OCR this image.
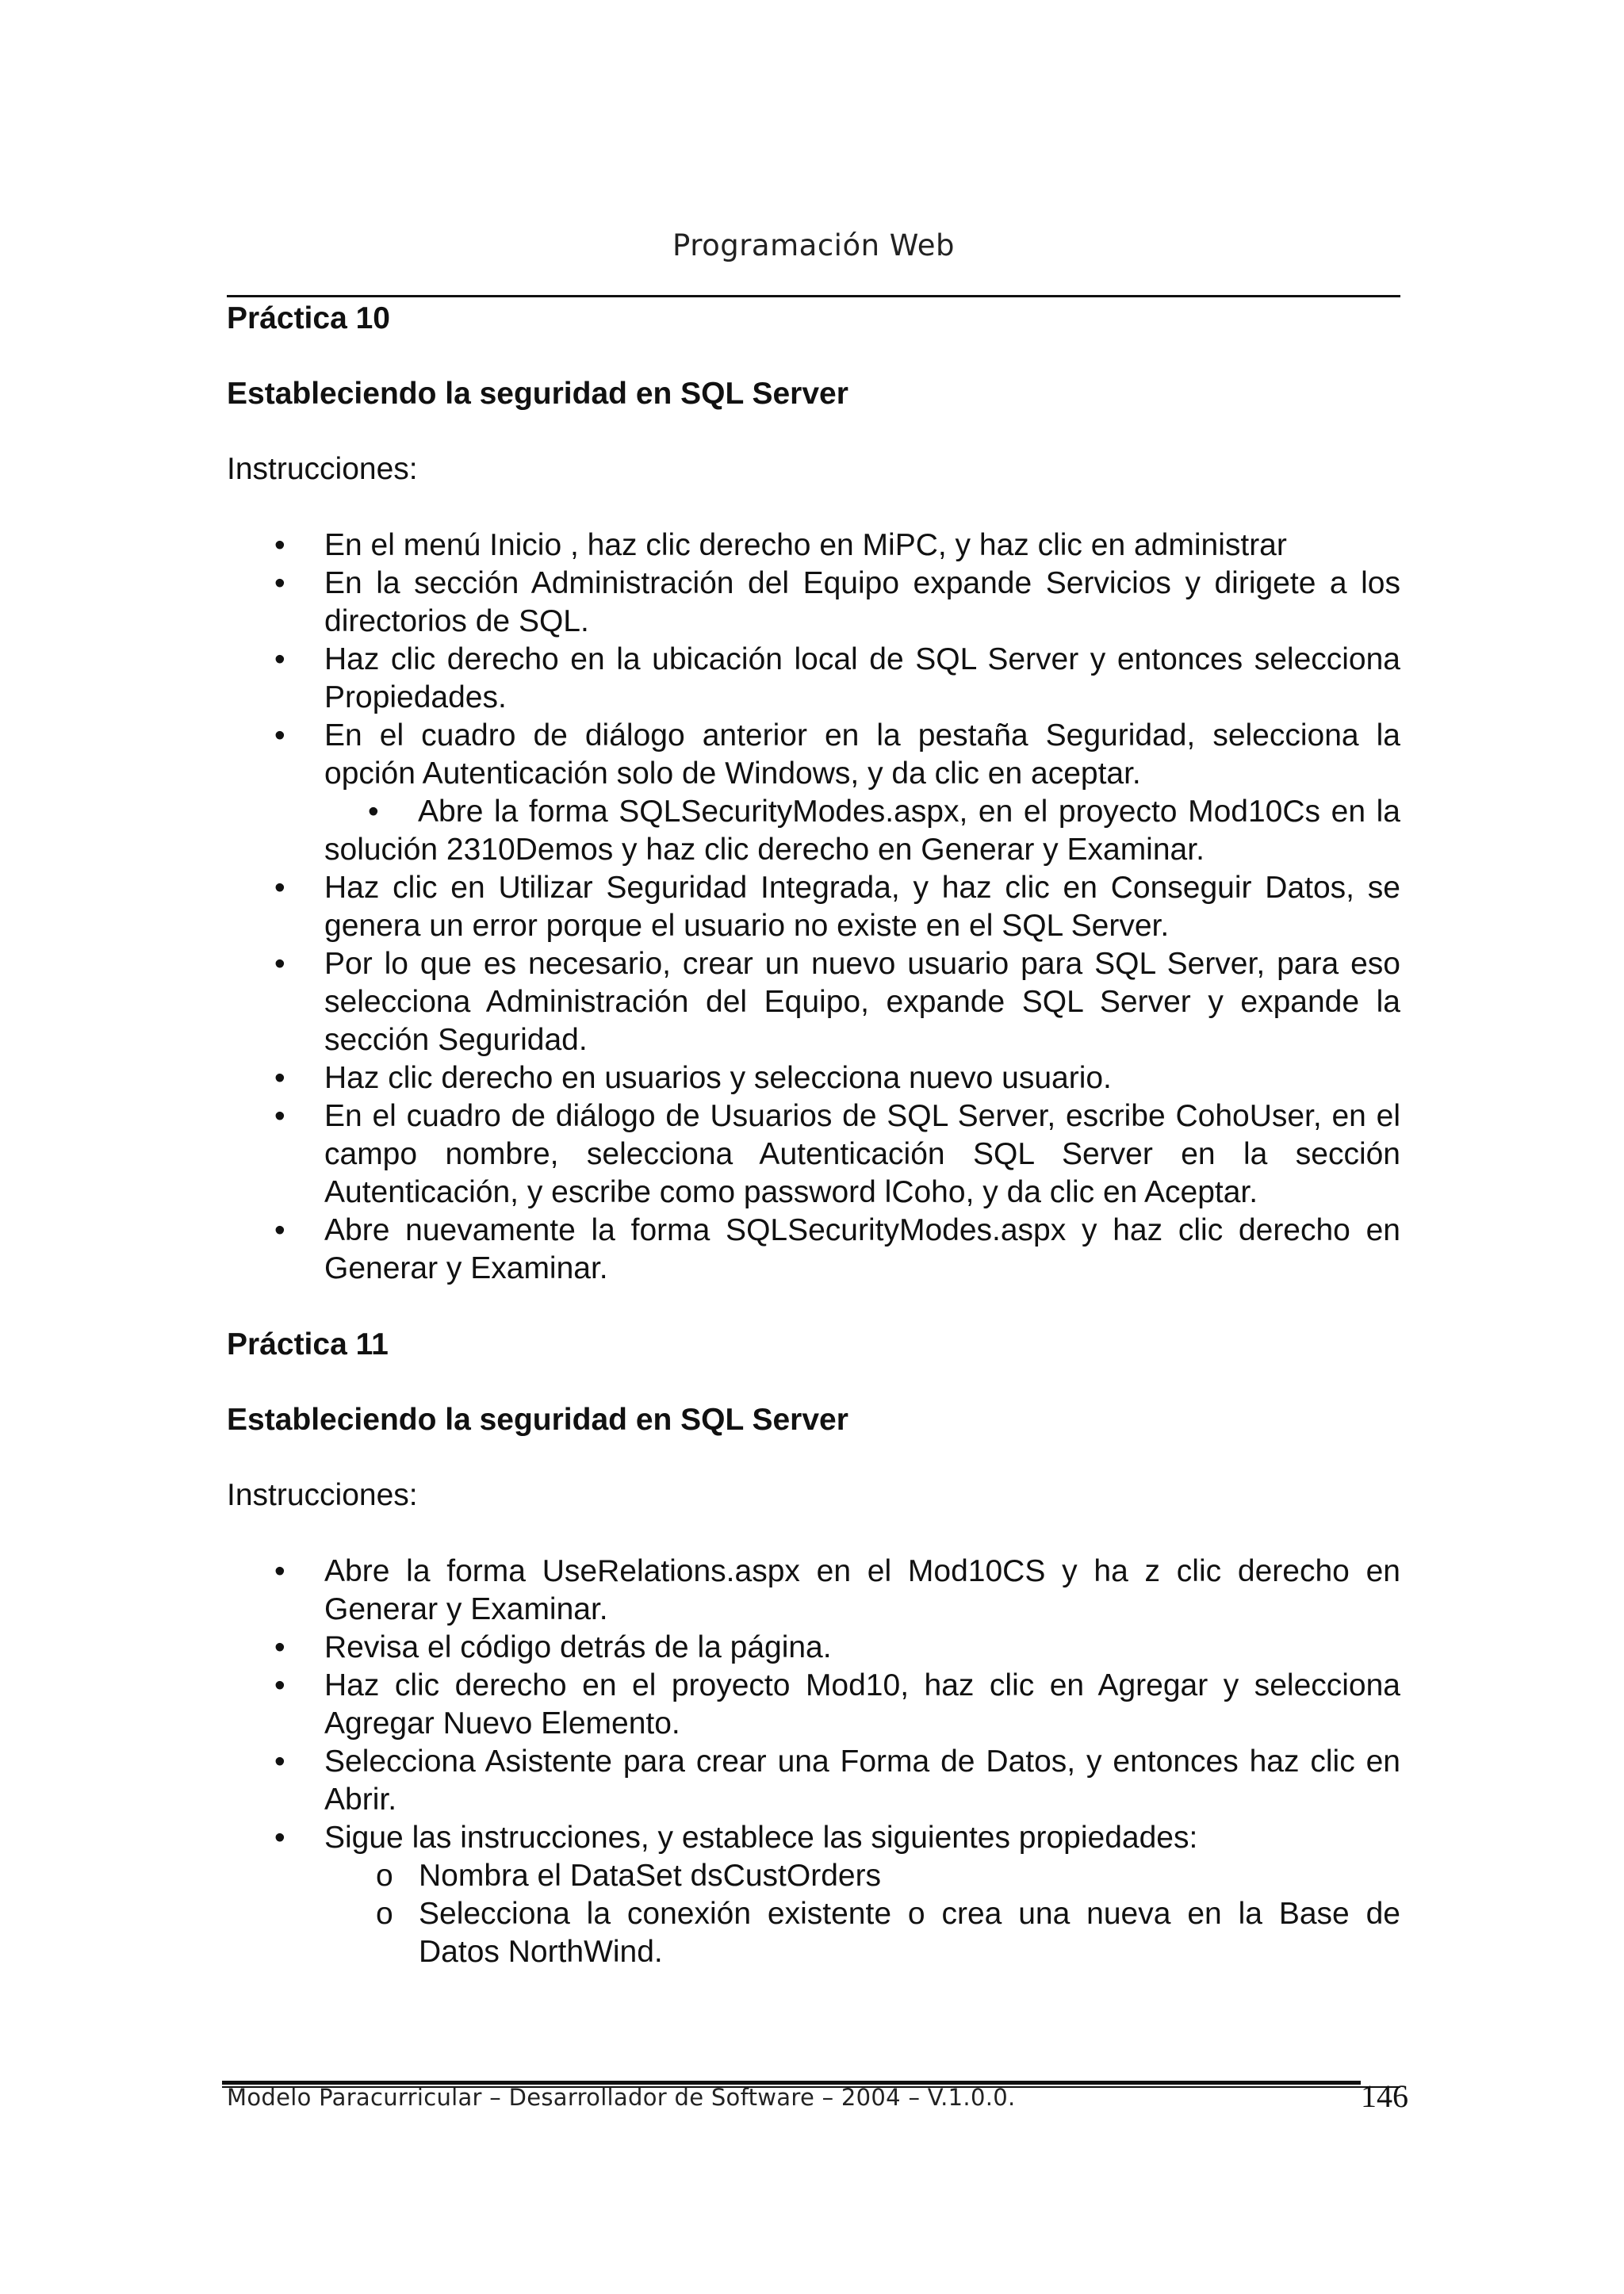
Programación Web

Práctica 10

Estableciendo la seguridad en SQL Server

Instrucciones:

• En el menú Inicio , haz clic derecho en MiPC, y haz clic en administrar
• En la sección Administración del Equipo expande Servicios y dirigete a los directorios de SQL.
• Haz clic derecho en la ubicación local de SQL Server y entonces selecciona Propiedades.
• En el cuadro de diálogo anterior en la pestaña Seguridad, selecciona la opción Autenticación solo de Windows, y da clic en aceptar.
• Abre la forma SQLSecurityModes.aspx, en el proyecto Mod10Cs en la solución 2310Demos y haz clic derecho en Generar y Examinar.
• Haz clic en Utilizar Seguridad Integrada, y haz clic en Conseguir Datos, se genera un error porque el usuario no existe en el SQL Server.
• Por lo que es necesario, crear un nuevo usuario para SQL Server, para eso selecciona Administración del Equipo, expande SQL Server y expande la sección Seguridad.
• Haz clic derecho en usuarios y selecciona nuevo usuario.
• En el cuadro de diálogo de Usuarios de SQL Server, escribe CohoUser, en el campo nombre, selecciona Autenticación SQL Server en la sección Autenticación, y escribe como password lCoho, y da clic en Aceptar.
• Abre nuevamente la forma SQLSecurityModes.aspx y haz clic derecho en Generar y Examinar.

Práctica 11

Estableciendo la seguridad en SQL Server

Instrucciones:

• Abre la forma UseRelations.aspx en el Mod10CS y ha z clic derecho en Generar y Examinar.
• Revisa el código detrás de la página.
• Haz clic derecho en el proyecto Mod10, haz clic en Agregar y selecciona Agregar Nuevo Elemento.
• Selecciona Asistente para crear una Forma de Datos, y entonces haz clic en Abrir.
• Sigue las instrucciones, y establece las siguientes propiedades:
o Nombra el DataSet dsCustOrders
o Selecciona la conexión existente o crea una nueva en la Base de Datos NorthWind.
Modelo Paracurricular – Desarrollador de Software – 2004 – V.1.0.0.	146
